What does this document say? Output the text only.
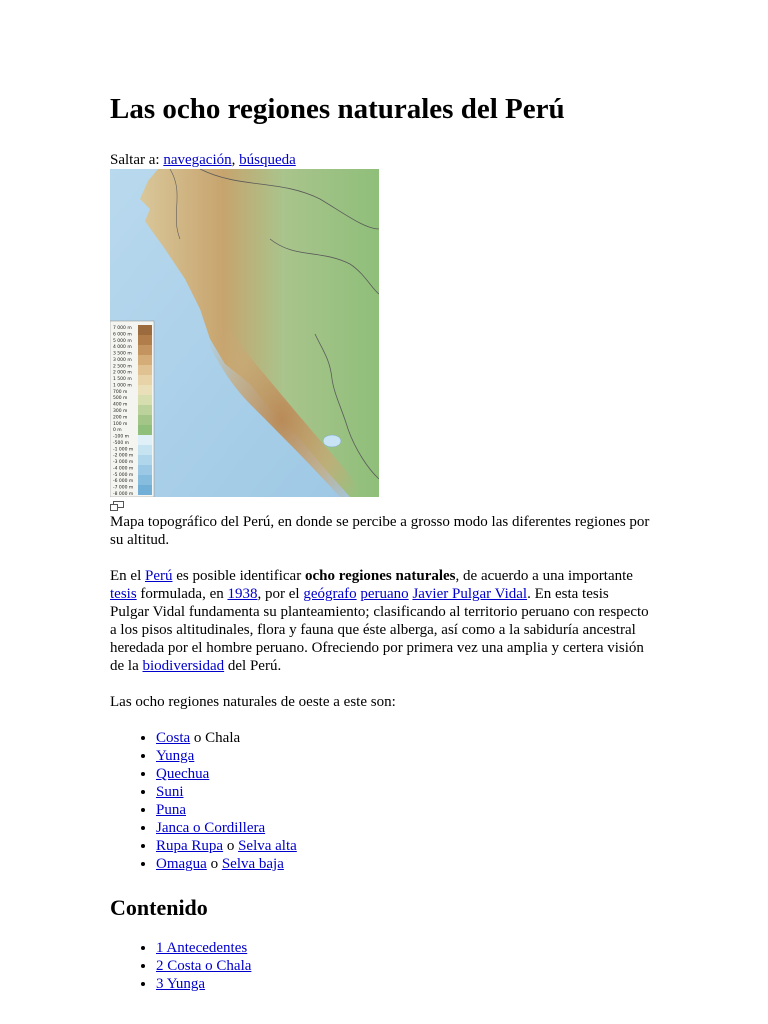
Las ocho regiones naturales del Perú
Saltar a: navegación, búsqueda
7 000 m
6 000 m
5 000 m
4 000 m
3 500 m
3 000 m
2 500 m
2 000 m
1 500 m
1 000 m
700 m
500 m
400 m
300 m
200 m
100 m
0 m
-100 m
-500 m
-1 000 m
-2 000 m
-3 000 m
-4 000 m
-5 000 m
-6 000 m
-7 000 m
-8 000 m

Mapa topográfico del Perú, en donde se percibe a grosso modo las diferentes regiones por su altitud.

En el Perú es posible identificar ocho regiones naturales, de acuerdo a una importante tesis formulada, en 1938, por el geógrafo peruano Javier Pulgar Vidal. En esta tesis Pulgar Vidal fundamenta su planteamiento; clasificando al territorio peruano con respecto a los pisos altitudinales, flora y fauna que éste alberga, así como a la sabiduría ancestral heredada por el hombre peruano. Ofreciendo por primera vez una amplia y certera visión de la biodiversidad del Perú.

Las ocho regiones naturales de oeste a este son:

• Costa o Chala
• Yunga
• Quechua
• Suni
• Puna
• Janca o Cordillera
• Rupa Rupa o Selva alta
• Omagua o Selva baja
Contenido
• 1 Antecedentes
• 2 Costa o Chala
• 3 Yunga
